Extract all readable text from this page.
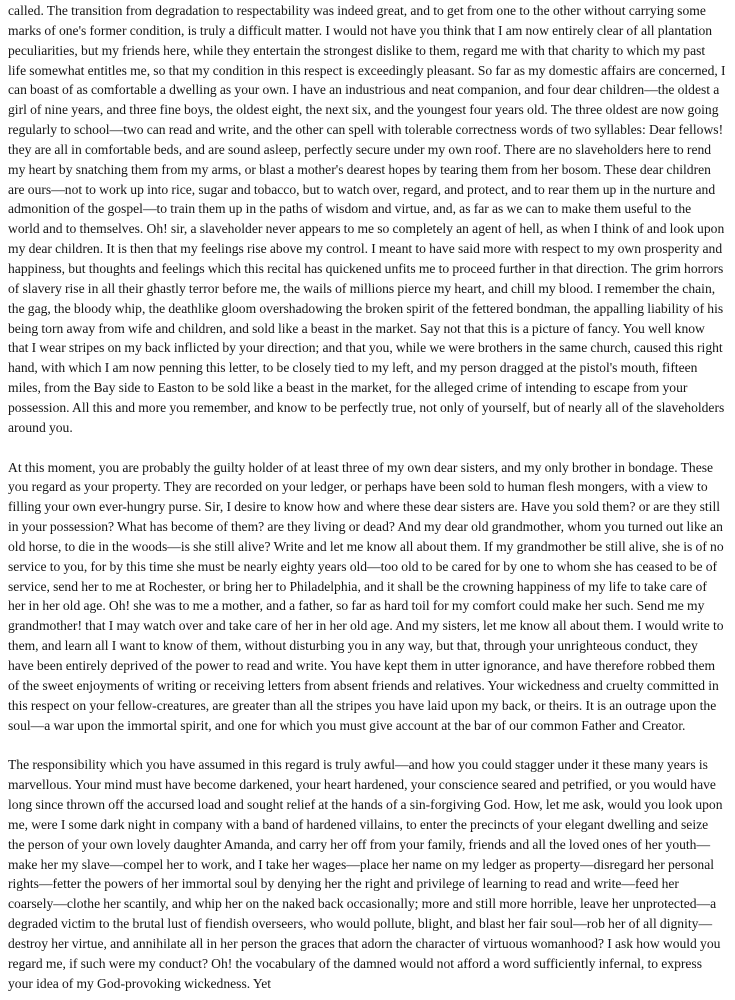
called. The transition from degradation to respectability was indeed great, and to get from one to the other without carrying some marks of one's former condition, is truly a difficult matter. I would not have you think that I am now entirely clear of all plantation peculiarities, but my friends here, while they entertain the strongest dislike to them, regard me with that charity to which my past life somewhat entitles me, so that my condition in this respect is exceedingly pleasant. So far as my domestic affairs are concerned, I can boast of as comfortable a dwelling as your own. I have an industrious and neat companion, and four dear children—the oldest a girl of nine years, and three fine boys, the oldest eight, the next six, and the youngest four years old. The three oldest are now going regularly to school—two can read and write, and the other can spell with tolerable correctness words of two syllables: Dear fellows! they are all in comfortable beds, and are sound asleep, perfectly secure under my own roof. There are no slaveholders here to rend my heart by snatching them from my arms, or blast a mother's dearest hopes by tearing them from her bosom. These dear children are ours—not to work up into rice, sugar and tobacco, but to watch over, regard, and protect, and to rear them up in the nurture and admonition of the gospel—to train them up in the paths of wisdom and virtue, and, as far as we can to make them useful to the world and to themselves. Oh! sir, a slaveholder never appears to me so completely an agent of hell, as when I think of and look upon my dear children. It is then that my feelings rise above my control. I meant to have said more with respect to my own prosperity and happiness, but thoughts and feelings which this recital has quickened unfits me to proceed further in that direction. The grim horrors of slavery rise in all their ghastly terror before me, the wails of millions pierce my heart, and chill my blood. I remember the chain, the gag, the bloody whip, the deathlike gloom overshadowing the broken spirit of the fettered bondman, the appalling liability of his being torn away from wife and children, and sold like a beast in the market. Say not that this is a picture of fancy. You well know that I wear stripes on my back inflicted by your direction; and that you, while we were brothers in the same church, caused this right hand, with which I am now penning this letter, to be closely tied to my left, and my person dragged at the pistol's mouth, fifteen miles, from the Bay side to Easton to be sold like a beast in the market, for the alleged crime of intending to escape from your possession. All this and more you remember, and know to be perfectly true, not only of yourself, but of nearly all of the slaveholders around you.

At this moment, you are probably the guilty holder of at least three of my own dear sisters, and my only brother in bondage. These you regard as your property. They are recorded on your ledger, or perhaps have been sold to human flesh mongers, with a view to filling your own ever-hungry purse. Sir, I desire to know how and where these dear sisters are. Have you sold them? or are they still in your possession? What has become of them? are they living or dead? And my dear old grandmother, whom you turned out like an old horse, to die in the woods—is she still alive? Write and let me know all about them. If my grandmother be still alive, she is of no service to you, for by this time she must be nearly eighty years old—too old to be cared for by one to whom she has ceased to be of service, send her to me at Rochester, or bring her to Philadelphia, and it shall be the crowning happiness of my life to take care of her in her old age. Oh! she was to me a mother, and a father, so far as hard toil for my comfort could make her such. Send me my grandmother! that I may watch over and take care of her in her old age. And my sisters, let me know all about them. I would write to them, and learn all I want to know of them, without disturbing you in any way, but that, through your unrighteous conduct, they have been entirely deprived of the power to read and write. You have kept them in utter ignorance, and have therefore robbed them of the sweet enjoyments of writing or receiving letters from absent friends and relatives. Your wickedness and cruelty committed in this respect on your fellow-creatures, are greater than all the stripes you have laid upon my back, or theirs. It is an outrage upon the soul—a war upon the immortal spirit, and one for which you must give account at the bar of our common Father and Creator.

The responsibility which you have assumed in this regard is truly awful—and how you could stagger under it these many years is marvellous. Your mind must have become darkened, your heart hardened, your conscience seared and petrified, or you would have long since thrown off the accursed load and sought relief at the hands of a sin-forgiving God. How, let me ask, would you look upon me, were I some dark night in company with a band of hardened villains, to enter the precincts of your elegant dwelling and seize the person of your own lovely daughter Amanda, and carry her off from your family, friends and all the loved ones of her youth—make her my slave—compel her to work, and I take her wages—place her name on my ledger as property—disregard her personal rights—fetter the powers of her immortal soul by denying her the right and privilege of learning to read and write—feed her coarsely—clothe her scantily, and whip her on the naked back occasionally; more and still more horrible, leave her unprotected—a degraded victim to the brutal lust of fiendish overseers, who would pollute, blight, and blast her fair soul—rob her of all dignity—destroy her virtue, and annihilate all in her person the graces that adorn the character of virtuous womanhood? I ask how would you regard me, if such were my conduct? Oh! the vocabulary of the damned would not afford a word sufficiently infernal, to express your idea of my God-provoking wickedness. Yet
